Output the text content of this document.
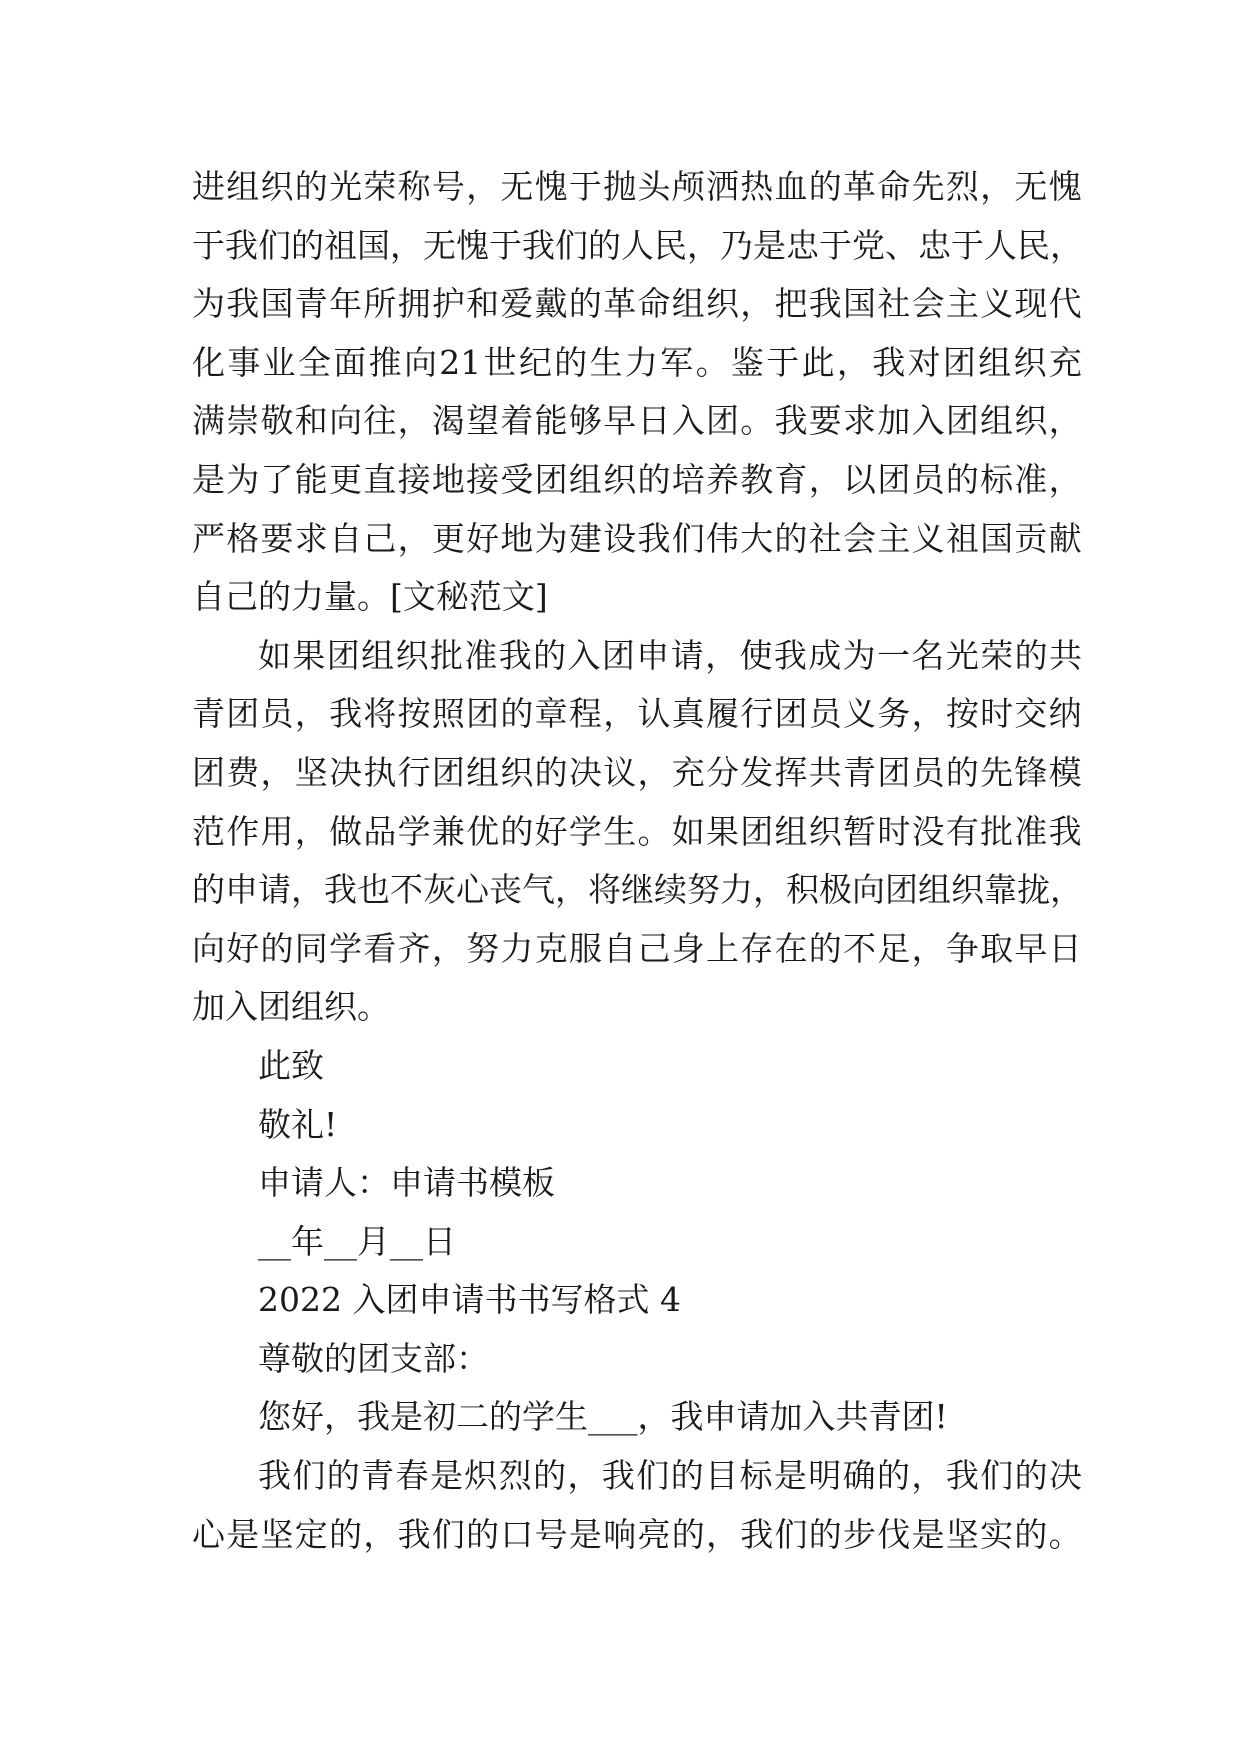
进 组 织 的 光 荣 称 号 ， 无 愧 于 抛 头 颅 洒 热 血 的 革 命 先 烈 ， 无 愧
于 我 们 的 祖 国 ， 无 愧 于 我 们 的 人 民 ， 乃 是 忠 于 党 、 忠 于 人 民 ，
为 我 国 青 年 所 拥 护 和 爱 戴 的 革 命 组 织 ， 把 我 国 社 会 主 义 现 代
化 事 业 全 面 推 向 21 世 纪 的 生 力 军 。 鉴 于 此 ， 我 对 团 组 织 充
满 崇 敬 和 向 往 ， 渴 望 着 能 够 早 日 入 团 。 我 要 求 加 入 团 组 织 ，
是 为 了 能 更 直 接 地 接 受 团 组 织 的 培 养 教 育 ， 以 团 员 的 标 准 ，
严 格 要 求 自 己 ， 更 好 地 为 建 设 我 们 伟 大 的 社 会 主 义 祖 国 贡 献
自己的力量。[文秘范文]
如 果 团 组 织 批 准 我 的 入 团 申 请 ， 使 我 成 为 一 名 光 荣 的 共
青 团 员 ， 我 将 按 照 团 的 章 程 ， 认 真 履 行 团 员 义 务 ， 按 时 交 纳
团 费 ， 坚 决 执 行 团 组 织 的 决 议 ， 充 分 发 挥 共 青 团 员 的 先 锋 模
范 作 用 ， 做 品 学 兼 优 的 好 学 生 。 如 果 团 组 织 暂 时 没 有 批 准 我
的 申 请 ， 我 也 不 灰 心 丧 气 ， 将 继 续 努 力 ， 积 极 向 团 组 织 靠 拢 ，
向 好 的 同 学 看 齐 ， 努 力 克 服 自 己 身 上 存 在 的 不 足 ， 争 取 早 日
加入团组织。
此致
敬礼!
申请人：申请书模板
__年__月__日
2022 入团申请书书写格式 4
尊敬的团支部：
您好，我是初二的学生___，我申请加入共青团!
我 们 的 青 春 是 炽 烈 的 ， 我 们 的 目 标 是 明 确 的 ， 我 们 的 决
心 是 坚 定 的 ， 我 们 的 口 号 是 响 亮 的 ， 我 们 的 步 伐 是 坚 实 的 。
